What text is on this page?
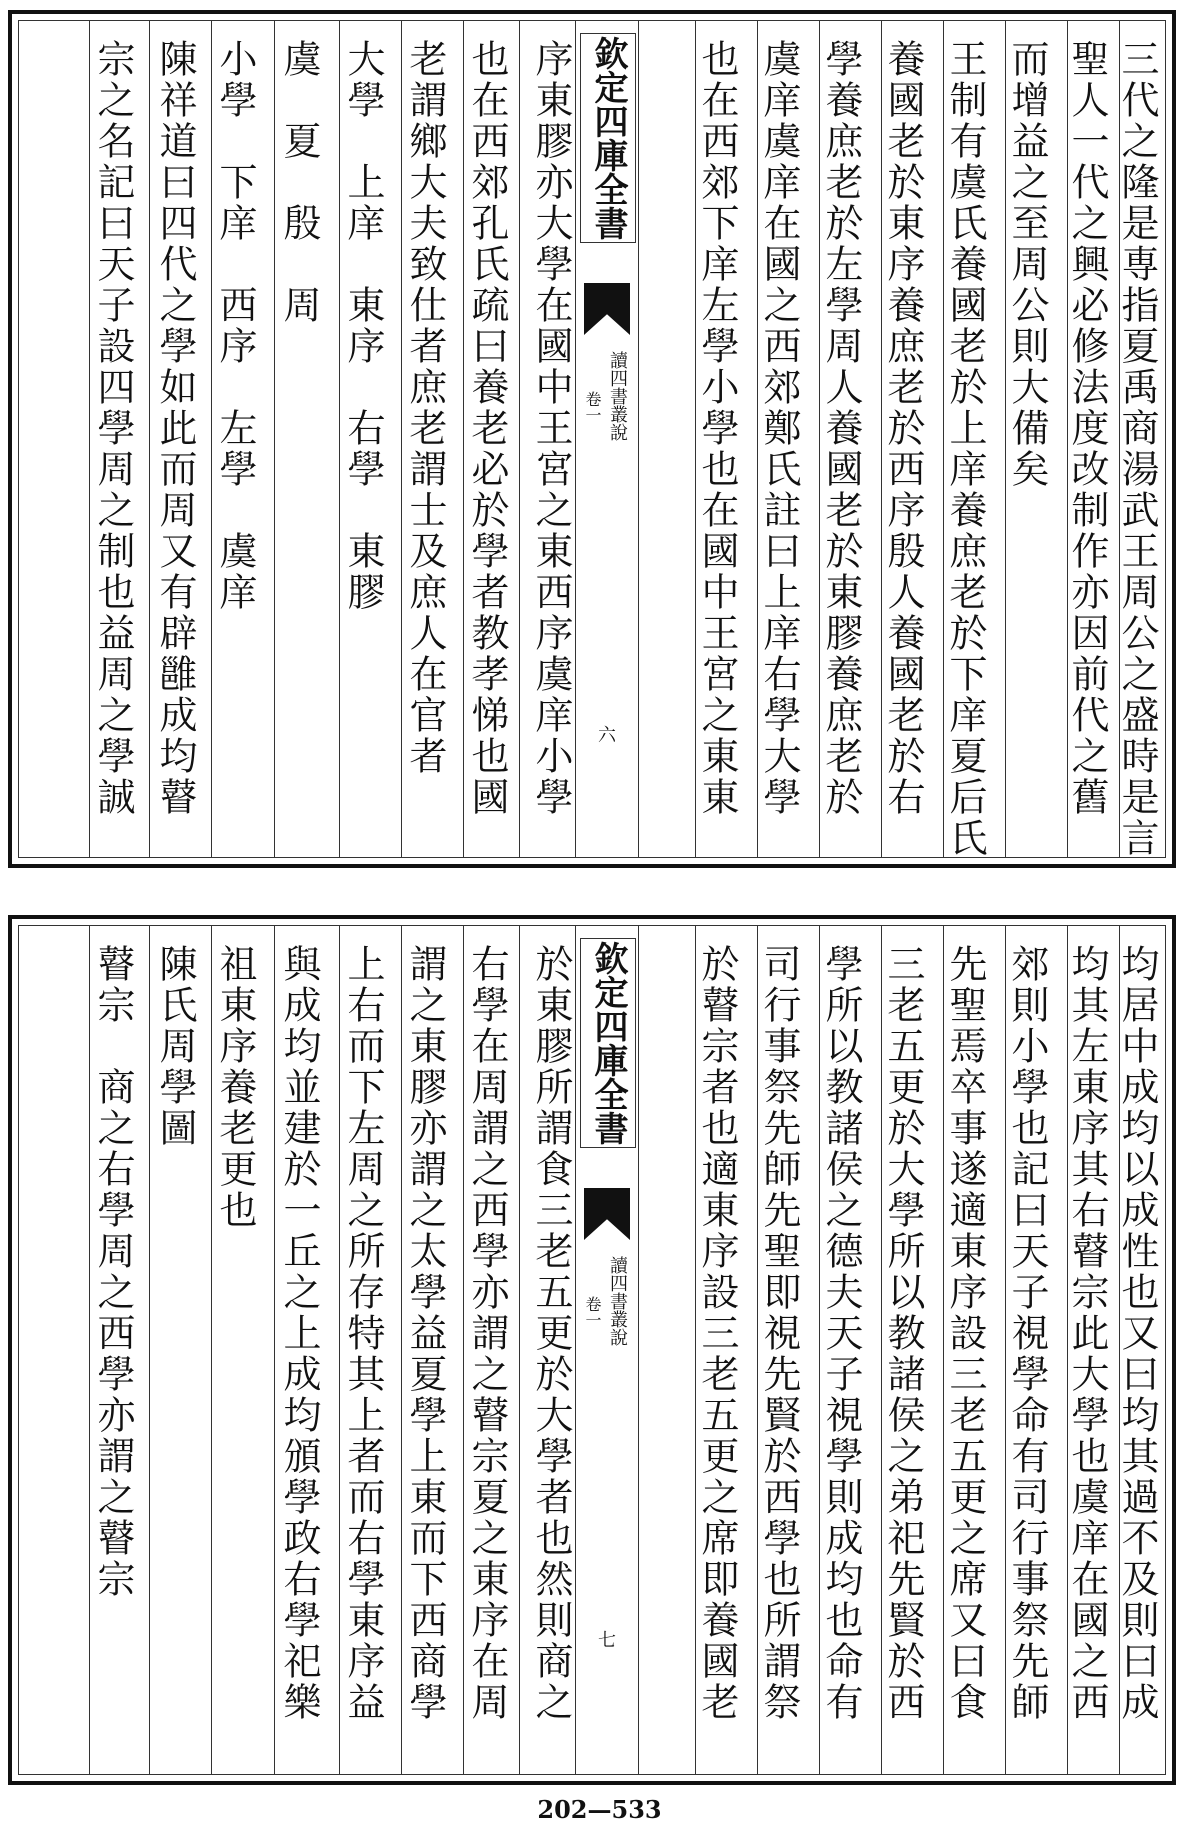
三代之隆是専指夏禹商湯武王周公之盛時是言
聖人一代之興必修法度改制作亦因前代之舊
而增益之至周公則大備矣
王制有虞氏養國老於上庠養庶老於下庠夏后氏
養國老於東序養庶老於西序殷人養國老於右
學養庶老於左學周人養國老於東膠養庶老於
虞庠虞庠在國之西郊鄭氏註曰上庠右學大學
也在西郊下庠左學小學也在國中王宮之東東
欽定四庫全書
讀四書叢說
卷一
六
序東膠亦大學在國中王宮之東西序虞庠小學
也在西郊孔氏疏曰養老必於學者教孝悌也國
老謂鄉大夫致仕者庶老謂士及庶人在官者
大學　上庠　東序　右學　東膠
虞　夏　殷　周
小學　下庠　西序　左學　虞庠
陳祥道曰四代之學如此而周又有辟雝成均瞽
宗之名記曰天子設四學周之制也益周之學誠
均居中成均以成性也又曰均其過不及則曰成
均其左東序其右瞽宗此大學也虞庠在國之西
郊則小學也記曰天子視學命有司行事祭先師
先聖焉卒事遂適東序設三老五更之席又曰食
三老五更於大學所以教諸侯之弟祀先賢於西
學所以教諸侯之德夫天子視學則成均也命有
司行事祭先師先聖即視先賢於西學也所謂祭
於瞽宗者也適東序設三老五更之席即養國老
欽定四庫全書
讀四書叢說
卷一
七
於東膠所謂食三老五更於大學者也然則商之
右學在周謂之西學亦謂之瞽宗夏之東序在周
謂之東膠亦謂之太學益夏學上東而下西商學
上右而下左周之所存特其上者而右學東序益
與成均並建於一丘之上成均頒學政右學祀樂
祖東序養老更也
陳氏周學圖
瞽宗　商之右學周之西學亦謂之瞽宗
202—533
